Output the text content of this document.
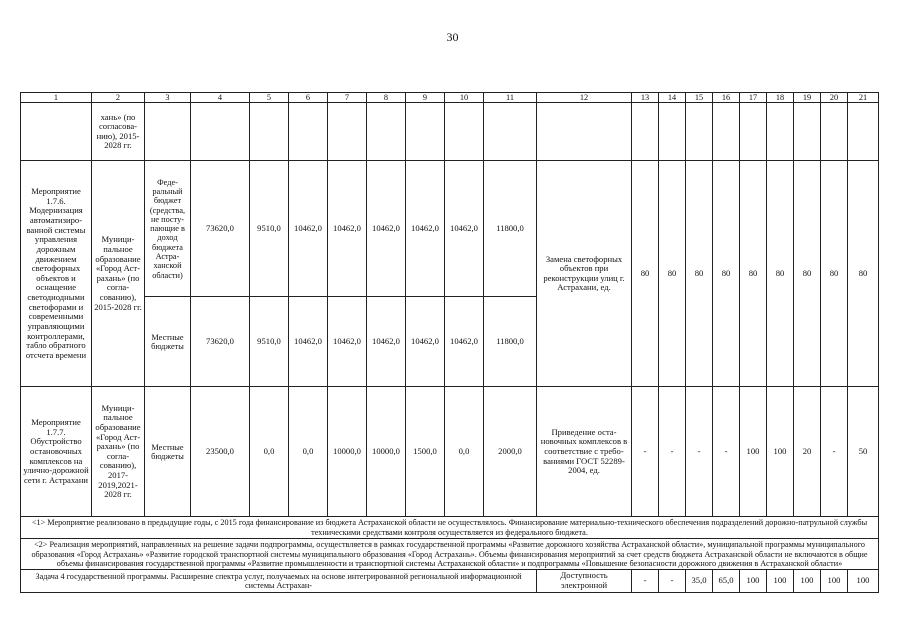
30
1	2	3	4	5	6	7	8	9	10	11	12	13	14	15	16	17	18	19	20	21
	хань» (по согласованию), 2015-2028 гг.																			
Мероприятие 1.7.6. Модернизация автоматизированной системы управления дорожным движением светофорных объектов и оснащение светодиодными светофорами и современными управляющими контроллерами, табло обратного отсчета времени	Муниципальное образование «Город Астрахань» (по согласованию), 2015-2028 гг.	Федеральный бюджет (средства, не поступающие в доход бюджета Астраханской области)	73620,0	9510,0	10462,0	10462,0	10462,0	10462,0	10462,0	11800,0	Замена светофорных объектов при реконструкции улиц г. Астрахани, ед.	80	80	80	80	80	80	80	80	80
		Местные бюджеты	73620,0	9510,0	10462,0	10462,0	10462,0	10462,0	10462,0	11800,0										
Мероприятие 1.7.7. Обустройство остановочных комплексов на улично-дорожной сети г. Астрахани	Муниципальное образование «Город Астрахань» (по согласованию), 2017-2019,2021-2028 гг.	Местные бюджеты	23500,0	0,0	0,0	10000,0	10000,0	1500,0	0,0	2000,0	Приведение остановочных комплексов в соответствие с требованиями ГОСТ 52289-2004, ед.	-	-	-	-	100	100	20	-	50
<1> Мероприятие реализовано в предыдущие годы, с 2015 года финансирование из бюджета Астраханской области не осуществлялось. Финансирование материально-технического обеспечения подразделений дорожно-патрульной службы техническими средствами контроля осуществляется из федерального бюджета.																				
<2> Реализация мероприятий, направленных на решение задачи подпрограммы, осуществляется в рамках государственной программы «Развитие дорожного хозяйства Астраханской области», муниципальной программы муниципального образования «Город Астрахань» «Развитие городской транспортной системы муниципального образования «Город Астрахань». Объемы финансирования мероприятий за счет средств бюджета Астраханской области не включаются в общие объемы финансирования государственной программы «Развитие промышленности и транспортной системы Астраханской области» и подпрограммы «Повышение безопасности дорожного движения в Астраханской области»																				
Задача 4 государственной программы. Расширение спектра услуг, получаемых на основе интегрированной региональной информационной системы Астрахан-											Доступность электронной	-	-	35,0	65,0	100	100	100	100	100
